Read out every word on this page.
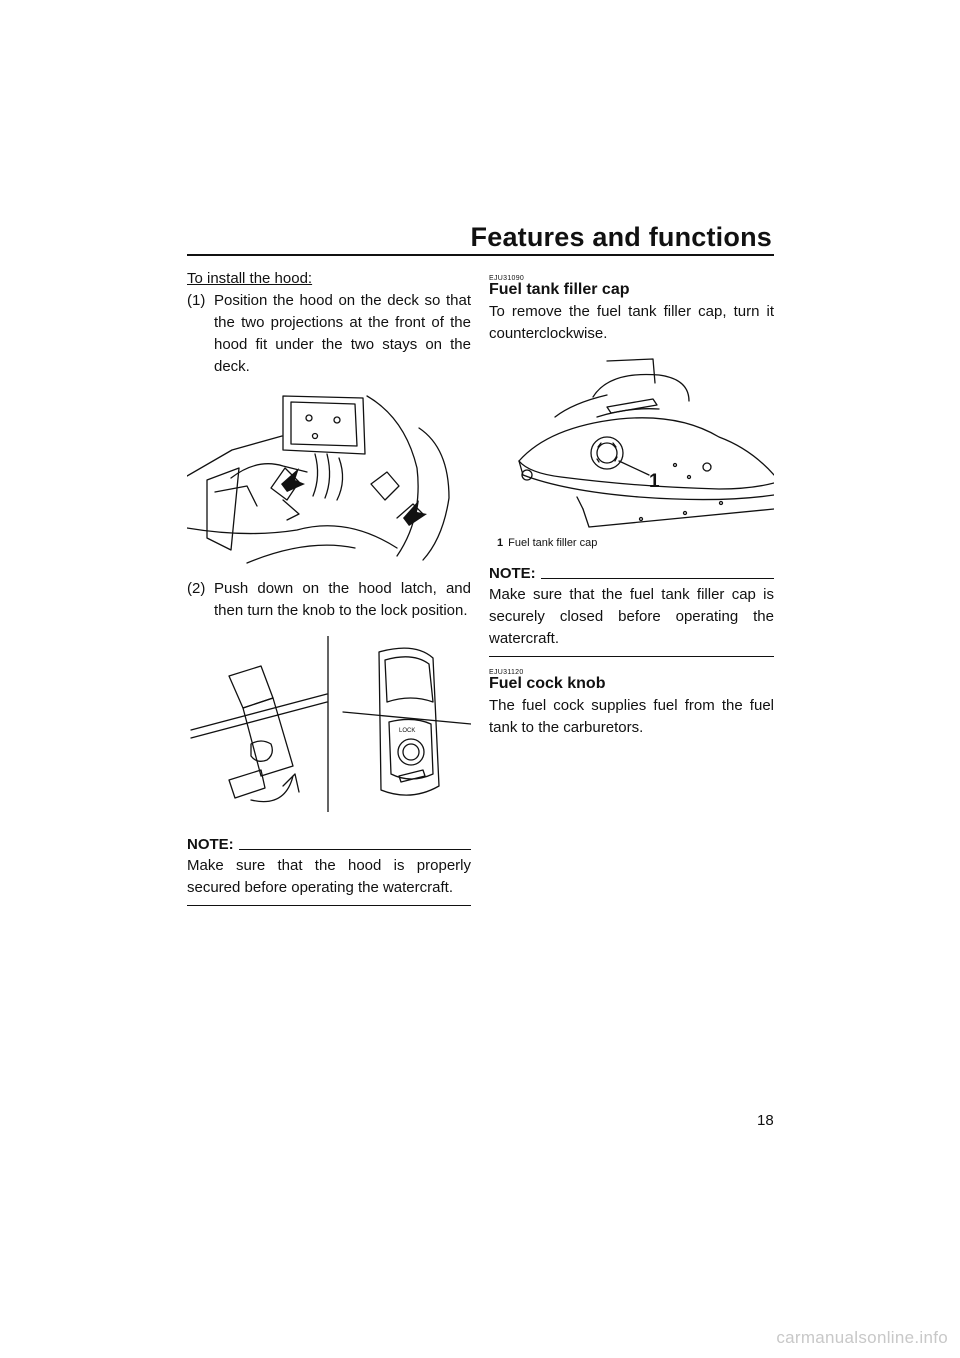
Features and functions

To install the hood:

(1) Position the hood on the deck so that the two projections at the front of the hood fit under the two stays on the deck.
(2) Push down on the hood latch, and then turn the knob to the lock position.
LOCK
NOTE:

Make sure that the hood is properly secured before operating the watercraft.

EJU31090

Fuel tank filler cap

To remove the fuel tank filler cap, turn it counterclockwise.

1

1 Fuel tank filler cap

NOTE:

Make sure that the fuel tank filler cap is securely closed before operating the watercraft.

EJU31120

Fuel cock knob

The fuel cock supplies fuel from the fuel tank to the carburetors.

18
carmanualsonline.info
